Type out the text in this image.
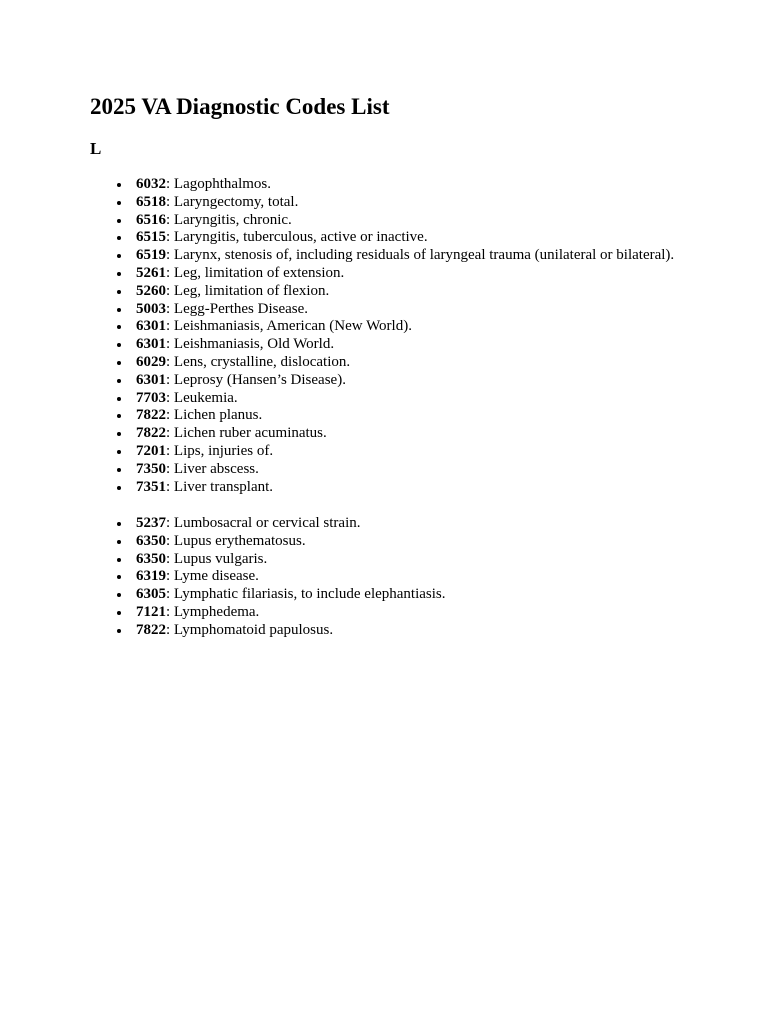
2025 VA Diagnostic Codes List
L
6032: Lagophthalmos.
6518: Laryngectomy, total.
6516: Laryngitis, chronic.
6515: Laryngitis, tuberculous, active or inactive.
6519: Larynx, stenosis of, including residuals of laryngeal trauma (unilateral or bilateral).
5261: Leg, limitation of extension.
5260: Leg, limitation of flexion.
5003: Legg-Perthes Disease.
6301: Leishmaniasis, American (New World).
6301: Leishmaniasis, Old World.
6029: Lens, crystalline, dislocation.
6301: Leprosy (Hansen’s Disease).
7703: Leukemia.
7822: Lichen planus.
7822: Lichen ruber acuminatus.
7201: Lips, injuries of.
7350: Liver abscess.
7351: Liver transplant.
5237: Lumbosacral or cervical strain.
6350: Lupus erythematosus.
6350: Lupus vulgaris.
6319: Lyme disease.
6305: Lymphatic filariasis, to include elephantiasis.
7121: Lymphedema.
7822: Lymphomatoid papulosus.
